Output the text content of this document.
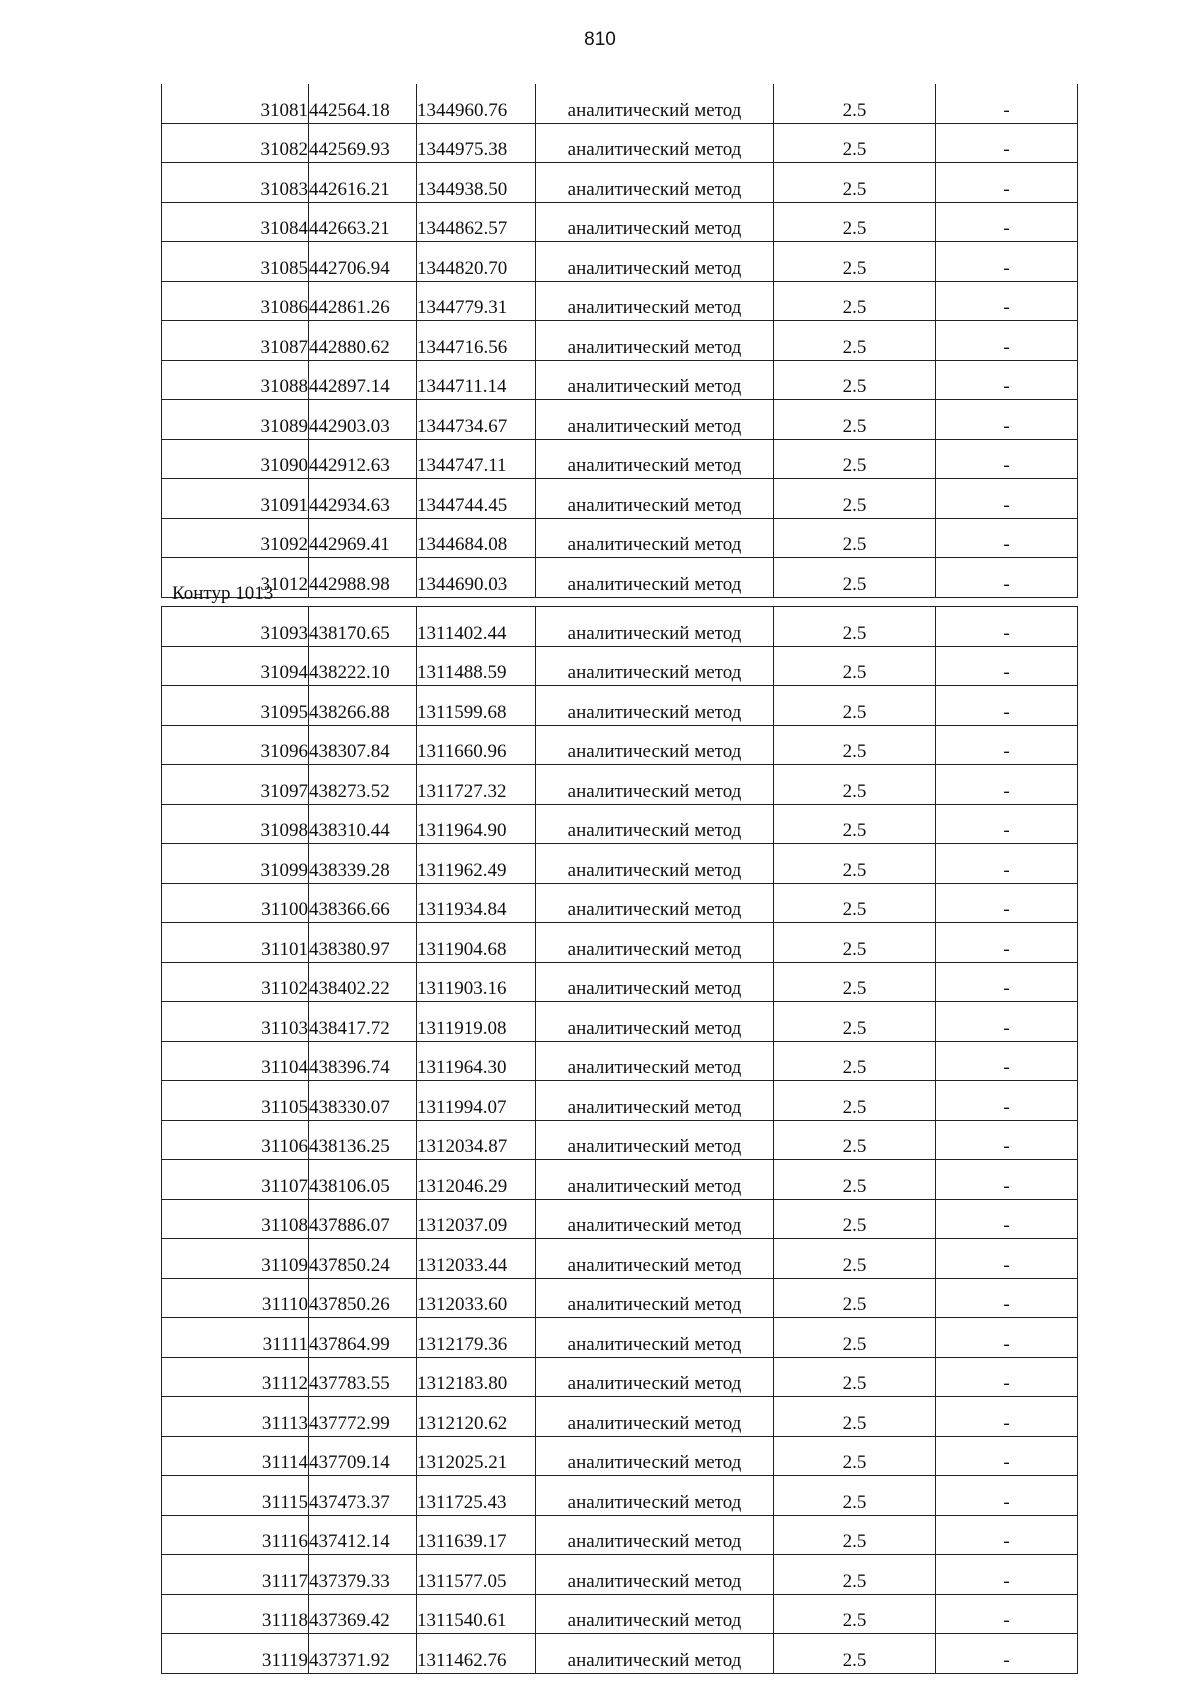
810
31081	442564.18	1344960.76	аналитический метод	2.5	-
31082	442569.93	1344975.38	аналитический метод	2.5	-
31083	442616.21	1344938.50	аналитический метод	2.5	-
31084	442663.21	1344862.57	аналитический метод	2.5	-
31085	442706.94	1344820.70	аналитический метод	2.5	-
31086	442861.26	1344779.31	аналитический метод	2.5	-
31087	442880.62	1344716.56	аналитический метод	2.5	-
31088	442897.14	1344711.14	аналитический метод	2.5	-
31089	442903.03	1344734.67	аналитический метод	2.5	-
31090	442912.63	1344747.11	аналитический метод	2.5	-
31091	442934.63	1344744.45	аналитический метод	2.5	-
31092	442969.41	1344684.08	аналитический метод	2.5	-
31012	442988.98	1344690.03	аналитический метод	2.5	-
Контур 1013
31093	438170.65	1311402.44	аналитический метод	2.5	-
31094	438222.10	1311488.59	аналитический метод	2.5	-
31095	438266.88	1311599.68	аналитический метод	2.5	-
31096	438307.84	1311660.96	аналитический метод	2.5	-
31097	438273.52	1311727.32	аналитический метод	2.5	-
31098	438310.44	1311964.90	аналитический метод	2.5	-
31099	438339.28	1311962.49	аналитический метод	2.5	-
31100	438366.66	1311934.84	аналитический метод	2.5	-
31101	438380.97	1311904.68	аналитический метод	2.5	-
31102	438402.22	1311903.16	аналитический метод	2.5	-
31103	438417.72	1311919.08	аналитический метод	2.5	-
31104	438396.74	1311964.30	аналитический метод	2.5	-
31105	438330.07	1311994.07	аналитический метод	2.5	-
31106	438136.25	1312034.87	аналитический метод	2.5	-
31107	438106.05	1312046.29	аналитический метод	2.5	-
31108	437886.07	1312037.09	аналитический метод	2.5	-
31109	437850.24	1312033.44	аналитический метод	2.5	-
31110	437850.26	1312033.60	аналитический метод	2.5	-
31111	437864.99	1312179.36	аналитический метод	2.5	-
31112	437783.55	1312183.80	аналитический метод	2.5	-
31113	437772.99	1312120.62	аналитический метод	2.5	-
31114	437709.14	1312025.21	аналитический метод	2.5	-
31115	437473.37	1311725.43	аналитический метод	2.5	-
31116	437412.14	1311639.17	аналитический метод	2.5	-
31117	437379.33	1311577.05	аналитический метод	2.5	-
31118	437369.42	1311540.61	аналитический метод	2.5	-
31119	437371.92	1311462.76	аналитический метод	2.5	-
